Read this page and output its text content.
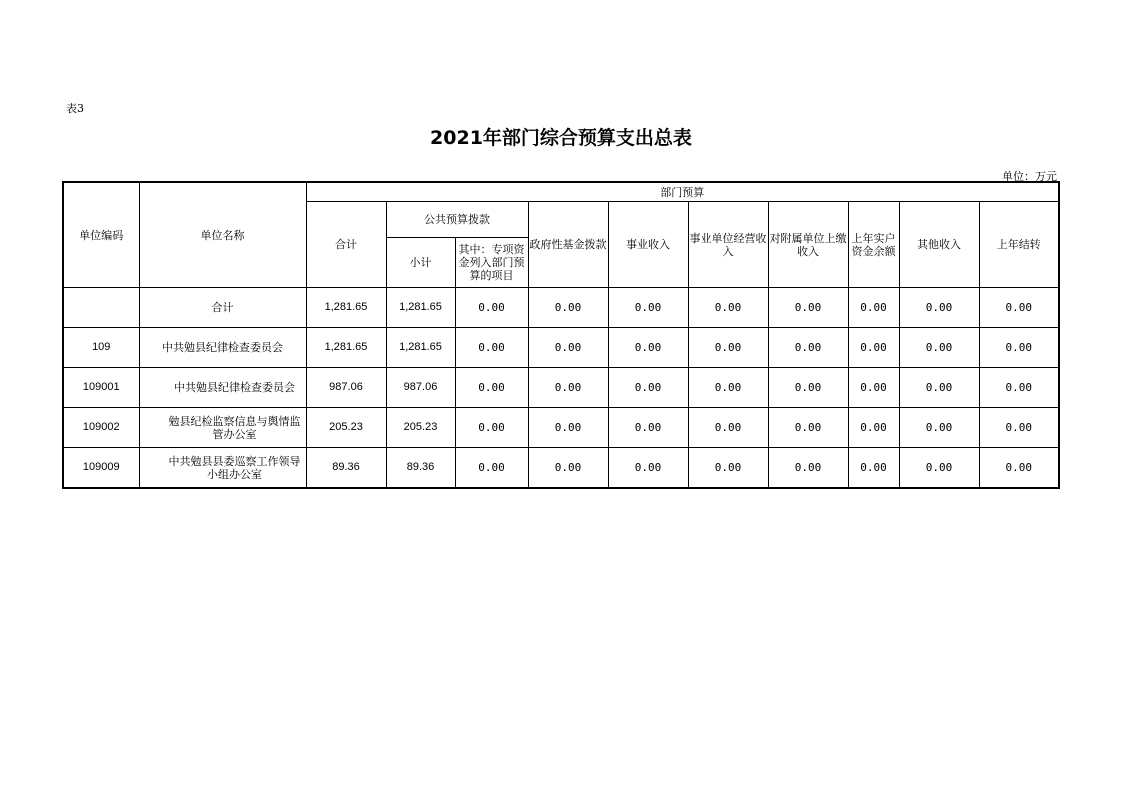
表3
2021年部门综合预算支出总表
单位：万元
单位编码	单位名称	部门预算									
		合计	公共预算拨款		政府性基金拨款	事业收入	事业单位经营收入	对附属单位上缴收入	上年实户资金余额	其他收入	上年结转
			小计	其中：专项资金列入部门预算的项目							
	合计	1,281.65	1,281.65	0.00	0.00	0.00	0.00	0.00	0.00	0.00	0.00
109	中共勉县纪律检查委员会	1,281.65	1,281.65	0.00	0.00	0.00	0.00	0.00	0.00	0.00	0.00
109001	中共勉县纪律检查委员会	987.06	987.06	0.00	0.00	0.00	0.00	0.00	0.00	0.00	0.00
109002	勉县纪检监察信息与舆情监管办公室	205.23	205.23	0.00	0.00	0.00	0.00	0.00	0.00	0.00	0.00
109009	中共勉县县委巡察工作领导小组办公室	89.36	89.36	0.00	0.00	0.00	0.00	0.00	0.00	0.00	0.00
